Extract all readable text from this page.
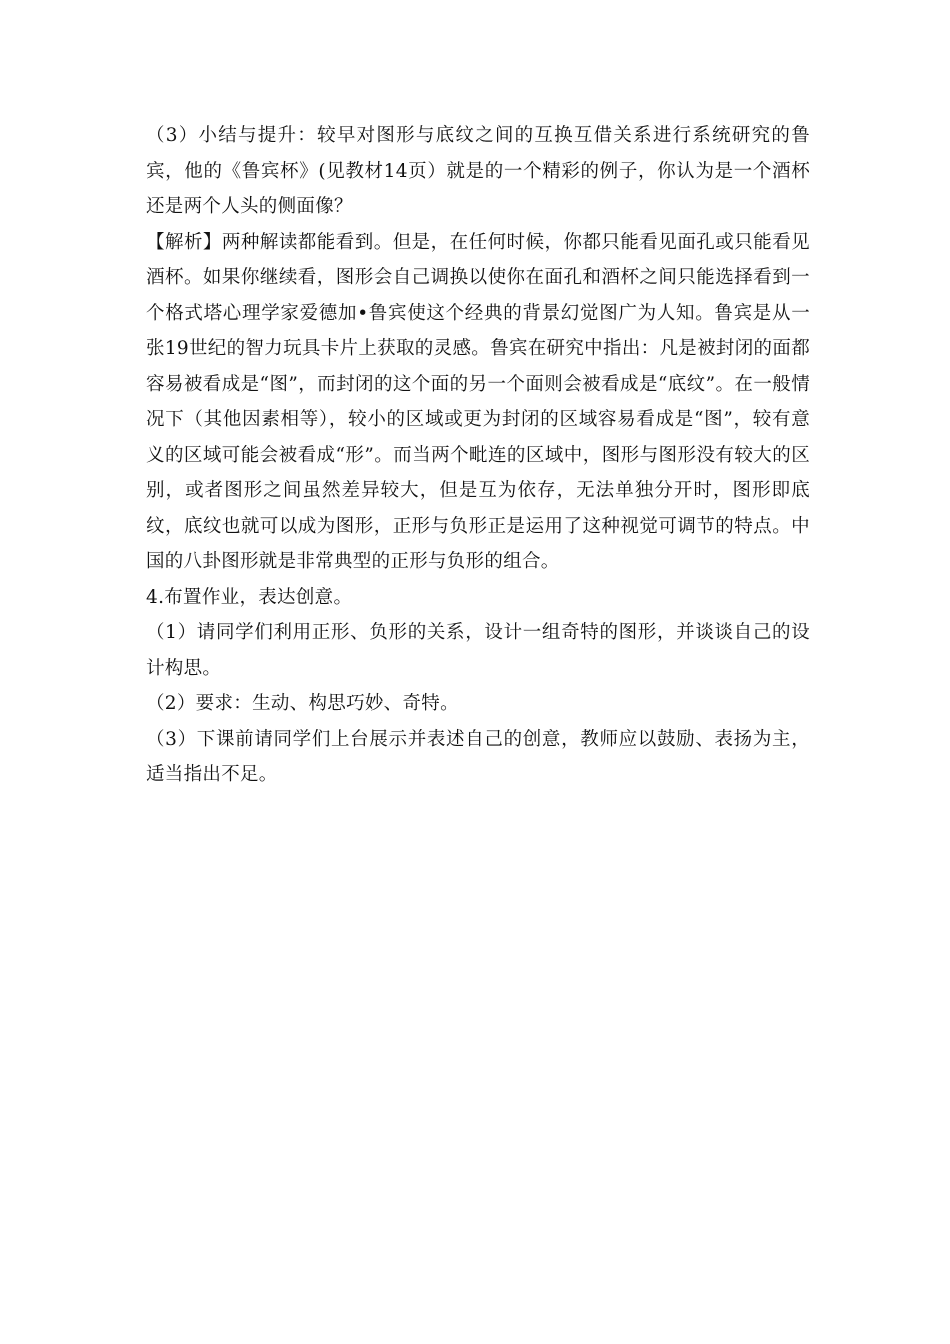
（3）小结与提升：较早对图形与底纹之间的互换互借关系进行系统研究的鲁宾，他的《鲁宾杯》(见教材14页）就是的一个精彩的例子，你认为是一个酒杯还是两个人头的侧面像？

【解析】两种解读都能看到。但是，在任何时候，你都只能看见面孔或只能看见酒杯。如果你继续看，图形会自己调换以使你在面孔和酒杯之间只能选择看到一个格式塔心理学家爱德加•鲁宾使这个经典的背景幻觉图广为人知。鲁宾是从一张19世纪的智力玩具卡片上获取的灵感。鲁宾在研究中指出：凡是被封闭的面都容易被看成是“图”，而封闭的这个面的另一个面则会被看成是“底纹”。在一般情况下（其他因素相等），较小的区域或更为封闭的区域容易看成是“图”，较有意义的区域可能会被看成“形”。而当两个毗连的区域中，图形与图形没有较大的区别，或者图形之间虽然差异较大，但是互为依存，无法单独分开时，图形即底纹，底纹也就可以成为图形，正形与负形正是运用了这种视觉可调节的特点。中国的八卦图形就是非常典型的正形与负形的组合。

4.布置作业，表达创意。

（1）请同学们利用正形、负形的关系，设计一组奇特的图形，并谈谈自己的设计构思。

（2）要求：生动、构思巧妙、奇特。

（3）下课前请同学们上台展示并表述自己的创意，教师应以鼓励、表扬为主，适当指出不足。
